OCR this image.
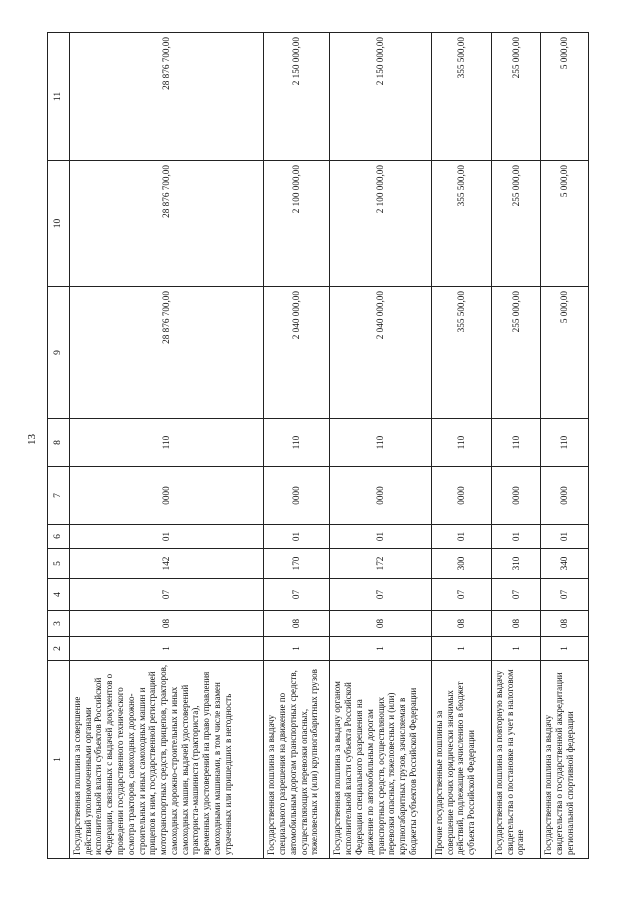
13
1	2	3	4	5	6	7	8	9	10	11
Государственная пошлина за совершение действий уполномоченными органами исполнительной власти субъектов Российской Федерации, связанных с выдачей документов о проведении государственного технического осмотра тракторов, самоходных дорожно-строительных и иных самоходных машин и прицепов к ним, государственной регистрацией мототранспортных средств, прицепов, тракторов, самоходных дорожно-строительных и иных самоходных машин, выдачей удостоверений тракториста-машиниста (тракториста), временных удостоверений на право управления самоходными машинами, в том числе взамен утраченных или пришедших в негодность	1	08	07	142	01	0000	110	28 876 700,00	28 876 700,00	28 876 700,00
Государственная пошлина за выдачу специального разрешения на движение по автомобильным дорогам транспортных средств, осуществляющих перевозки опасных, тяжеловесных и (или) крупногабаритных грузов	1	08	07	170	01	0000	110	2 040 000,00	2 100 000,00	2 150 000,00
Государственная пошлина за выдачу органом исполнительной власти субъекта Российской Федерации специального разрешения на движение по автомобильным дорогам транспортных средств, осуществляющих перевозки опасных, тяжеловесных и (или) крупногабаритных грузов, зачисляемая в бюджеты субъектов Российской Федерации	1	08	07	172	01	0000	110	2 040 000,00	2 100 000,00	2 150 000,00
Прочие государственные пошлины за совершение прочих юридически значимых действий, подлежащие зачислению в бюджет субъекта Российской Федерации	1	08	07	300	01	0000	110	355 500,00	355 500,00	355 500,00
Государственная пошлина за повторную выдачу свидетельства о постановке на учет в налоговом органе	1	08	07	310	01	0000	110	255 000,00	255 000,00	255 000,00
Государственная пошлина за выдачу свидетельства о государственной аккредитации региональной спортивной федерации	1	08	07	340	01	0000	110	5 000,00	5 000,00	5 000,00
